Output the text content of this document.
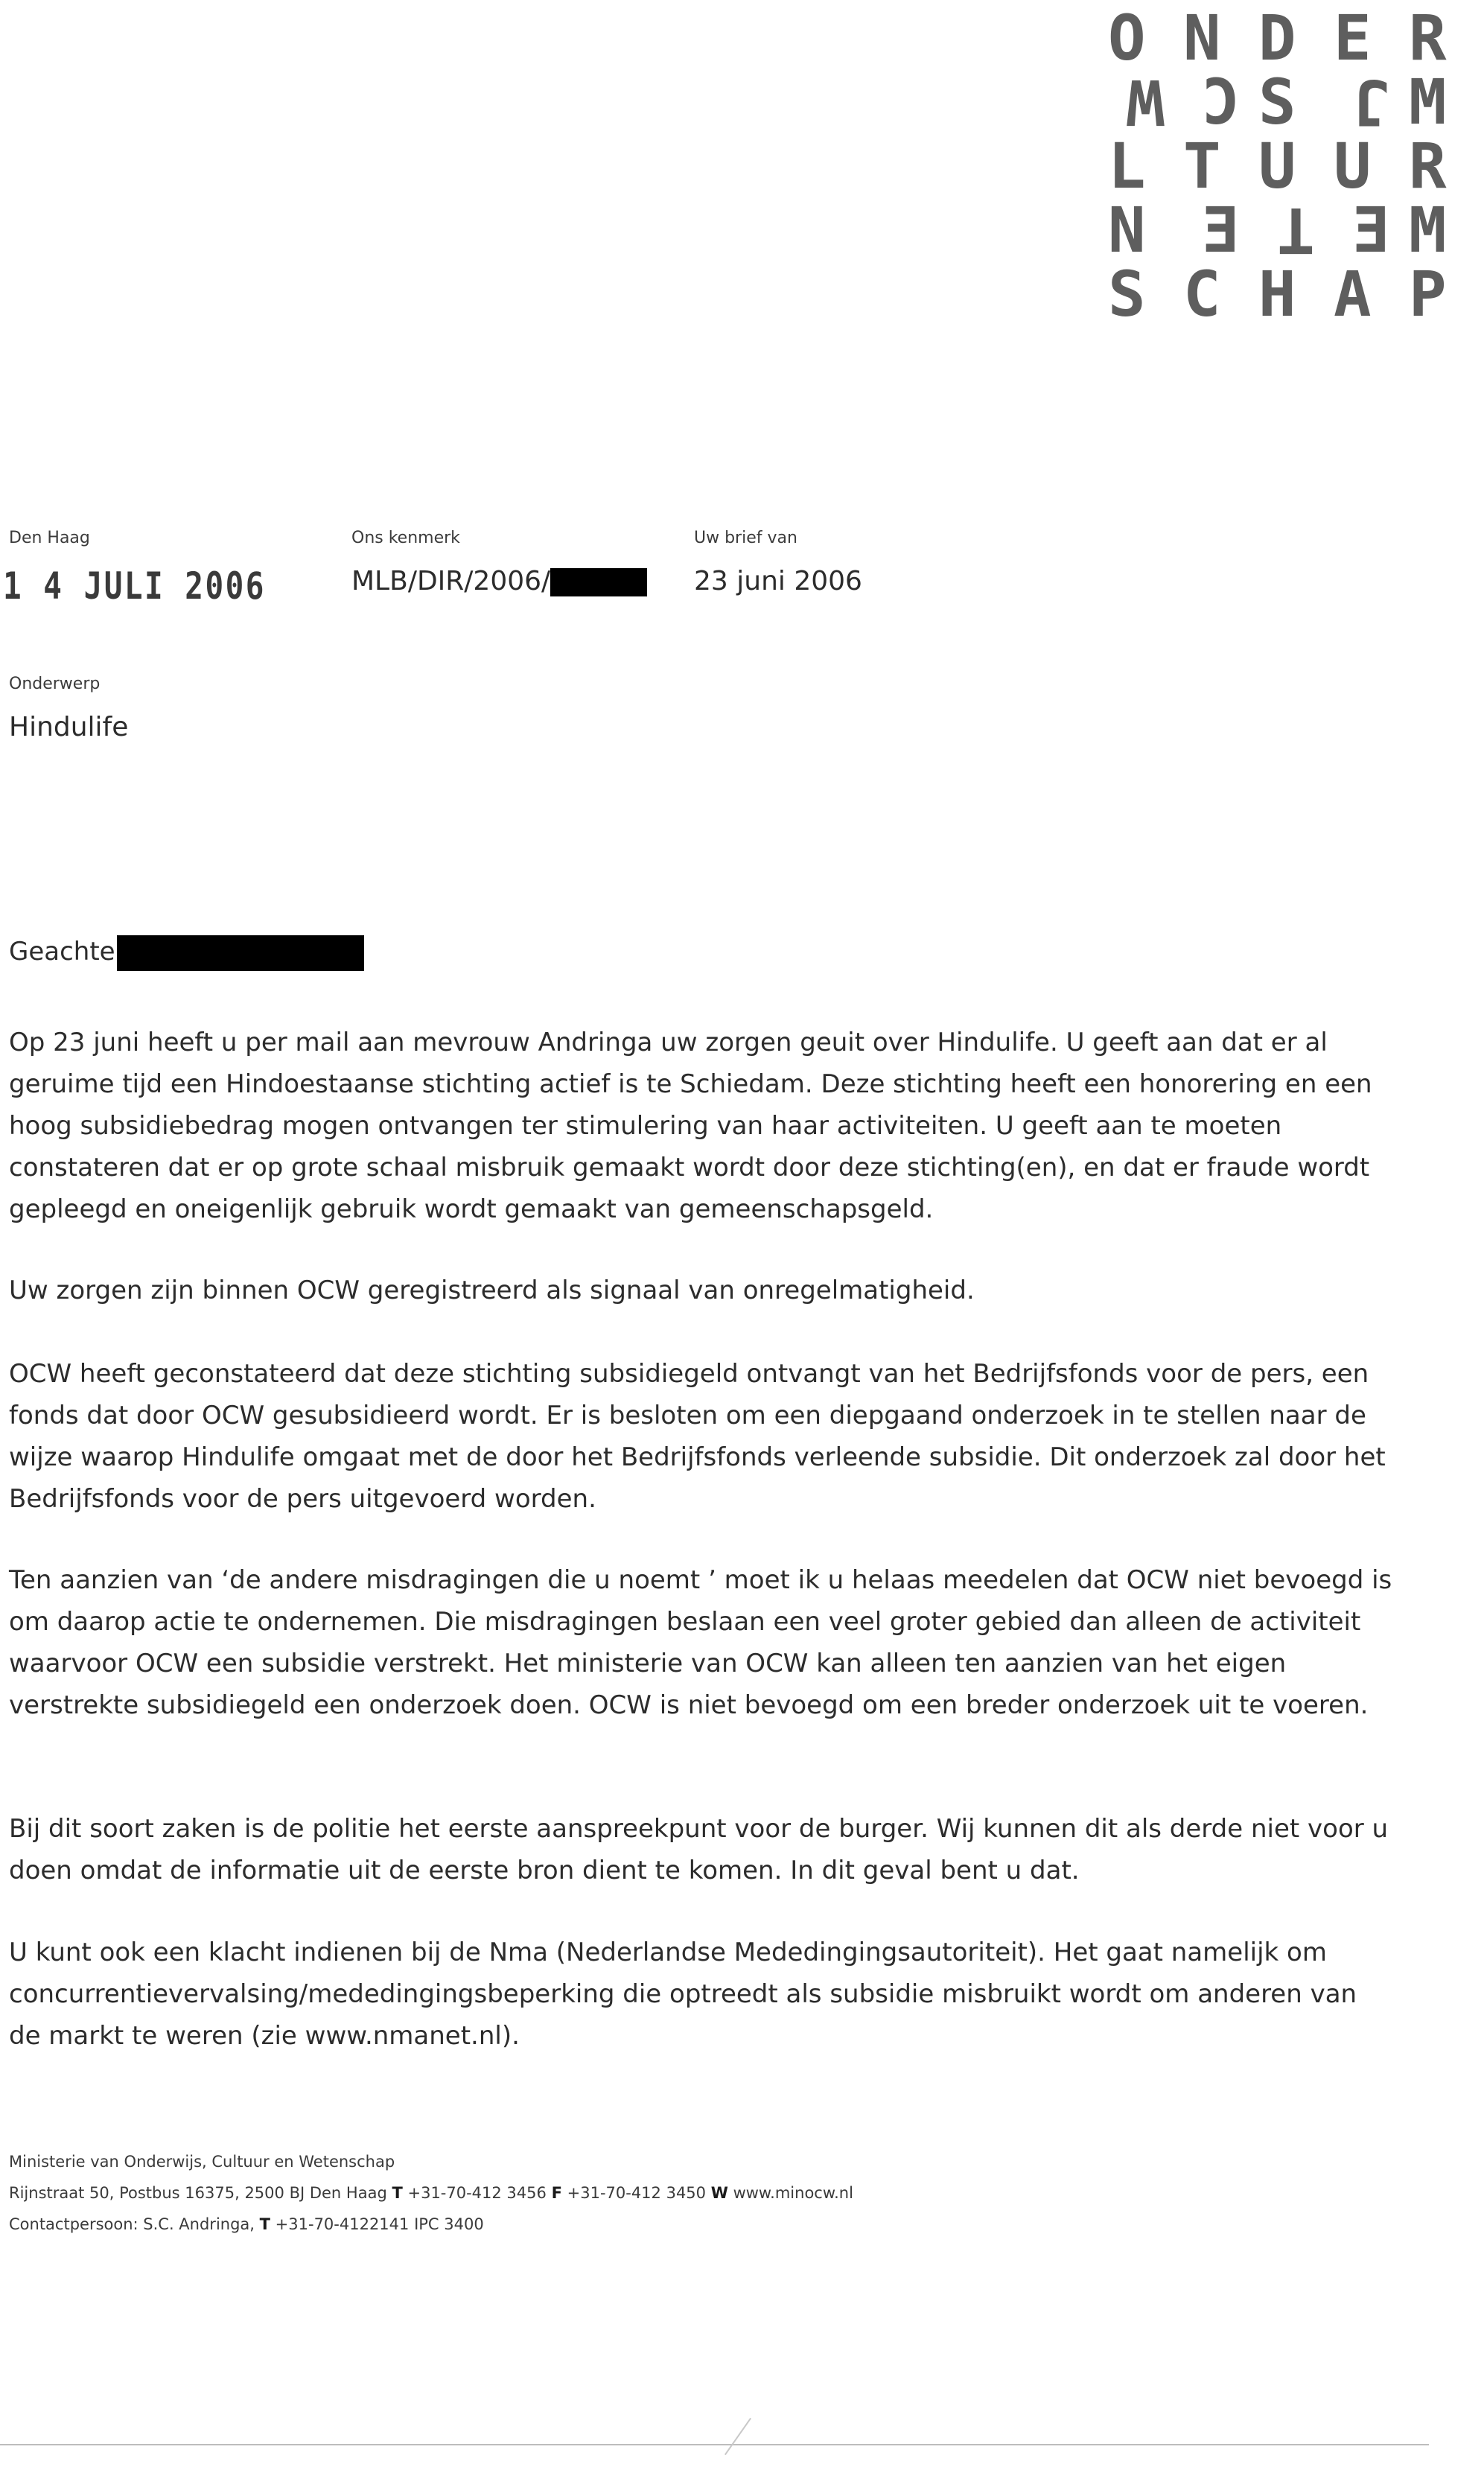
O N D E R
W C S J M
L T U U R
N E T E M
S C H A P
Den Haag
1 4 JULI 2006
Ons kenmerk
MLB/DIR/2006/
Uw brief van
23 juni 2006
Onderwerp
Hindulife
Geachte

Op 23 juni heeft u per mail aan mevrouw Andringa uw zorgen geuit over Hindulife. U geeft aan dat er al geruime tijd een Hindoestaanse stichting actief is te Schiedam. Deze stichting heeft een honorering en een hoog subsidiebedrag mogen ontvangen ter stimulering van haar activiteiten. U geeft aan te moeten constateren dat er op grote schaal misbruik gemaakt wordt door deze stichting(en), en dat er fraude wordt gepleegd en oneigenlijk gebruik wordt gemaakt van gemeenschapsgeld.

Uw zorgen zijn binnen OCW geregistreerd als signaal van onregelmatigheid.

OCW heeft geconstateerd dat deze stichting subsidiegeld ontvangt van het Bedrijfsfonds voor de pers, een fonds dat door OCW gesubsidieerd wordt. Er is besloten om een diepgaand onderzoek in te stellen naar de wijze waarop Hindulife omgaat met de door het Bedrijfsfonds verleende subsidie. Dit onderzoek zal door het Bedrijfsfonds voor de pers uitgevoerd worden.

Ten aanzien van ‘de andere misdragingen die u noemt ’ moet ik u helaas meedelen dat OCW niet bevoegd is om daarop actie te ondernemen. Die misdragingen beslaan een veel groter gebied dan alleen de activiteit waarvoor OCW een subsidie verstrekt. Het ministerie van OCW kan alleen ten aanzien van het eigen verstrekte subsidiegeld een onderzoek doen. OCW is niet bevoegd om een breder onderzoek uit te voeren.

Bij dit soort zaken is de politie het eerste aanspreekpunt voor de burger. Wij kunnen dit als derde niet voor u doen omdat de informatie uit de eerste bron dient te komen. In dit geval bent u dat.

U kunt ook een klacht indienen bij de Nma (Nederlandse Mededingingsautoriteit). Het gaat namelijk om concurrentievervalsing/mededingingsbeperking die optreedt als subsidie misbruikt wordt om anderen van de markt te weren (zie www.nmanet.nl).

Ministerie van Onderwijs, Cultuur en Wetenschap
Rijnstraat 50, Postbus 16375, 2500 BJ Den Haag T +31-70-412 3456 F +31-70-412 3450 W www.minocw.nl
Contactpersoon: S.C. Andringa, T +31-70-4122141 IPC 3400
